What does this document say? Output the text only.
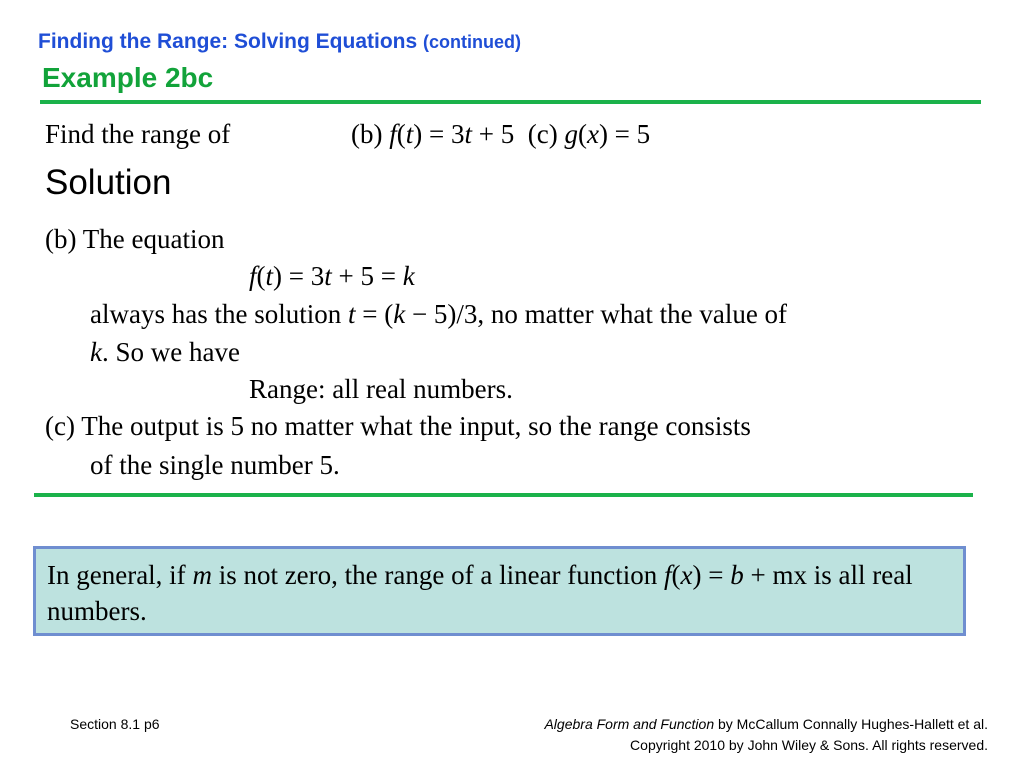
Finding the Range: Solving Equations (continued)
Example 2bc
Find the range of	(b) f(t) = 3t + 5 (c) g(x) = 5
Solution
(b) The equation
f(t) = 3t + 5 = k
always has the solution t = (k − 5)/3, no matter what the value of
k. So we have
Range: all real numbers.
(c) The output is 5 no matter what the input, so the range consists
of the single number 5.
In general, if m is not zero, the range of a linear function f(x) = b + mx is all real numbers.
Section 8.1 p6	Algebra Form and Function by McCallum Connally Hughes-Hallett et al.
Copyright 2010 by John Wiley & Sons. All rights reserved.
